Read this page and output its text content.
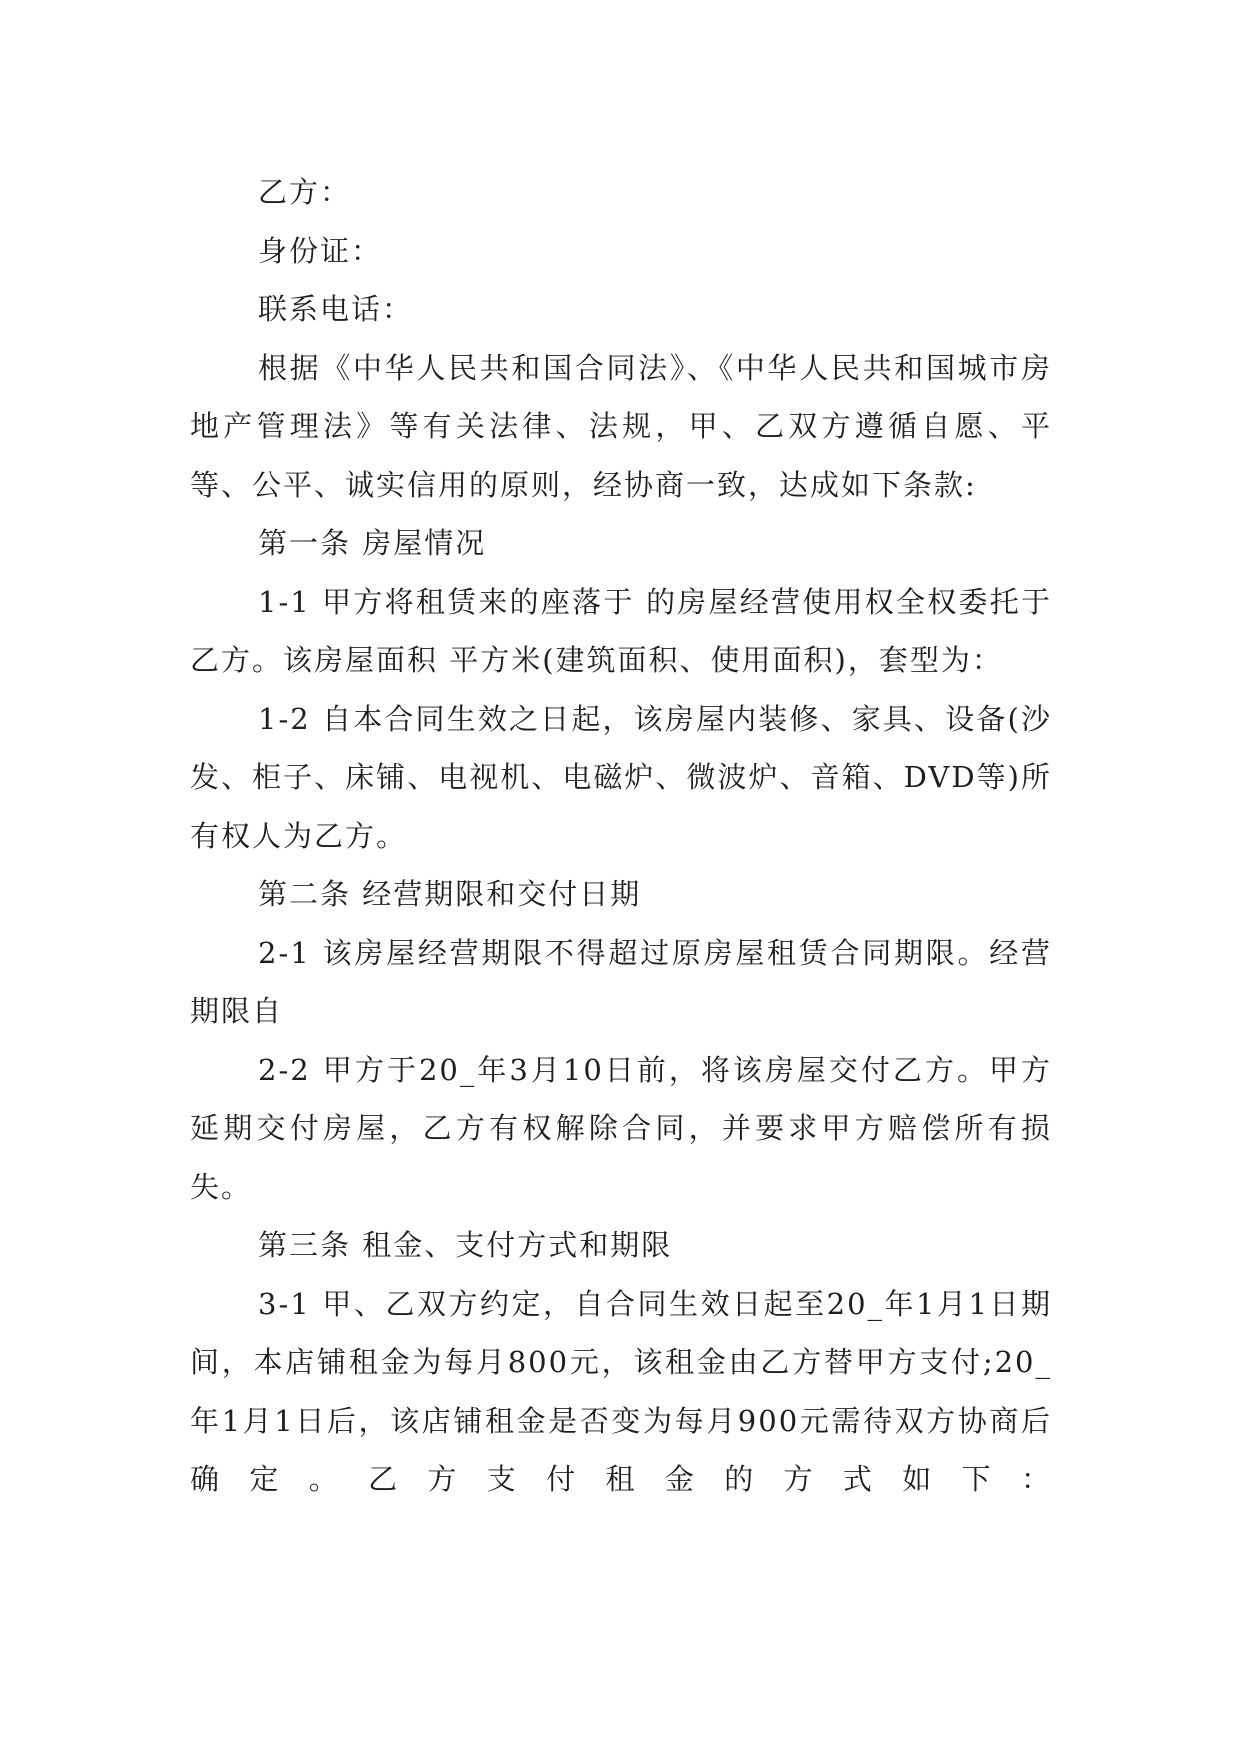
乙方：

身份证：

联系电话：

根据《中华人民共和国合同法》、《中华人民共和国城市房地产管理法》等有关法律、法规，甲、乙双方遵循自愿、平等、公平、诚实信用的原则，经协商一致，达成如下条款:

第一条 房屋情况

1-1 甲方将租赁来的座落于 的房屋经营使用权全权委托于乙方。该房屋面积 平方米(建筑面积、使用面积)，套型为：

1-2 自本合同生效之日起，该房屋内装修、家具、设备(沙发、柜子、床铺、电视机、电磁炉、微波炉、音箱、DVD等)所有权人为乙方。

第二条 经营期限和交付日期

2-1 该房屋经营期限不得超过原房屋租赁合同期限。经营期限自

2-2 甲方于20_年3月10日前，将该房屋交付乙方。甲方延期交付房屋，乙方有权解除合同，并要求甲方赔偿所有损失。

第三条 租金、支付方式和期限

3-1 甲、乙双方约定，自合同生效日起至20_年1月1日期间，本店铺租金为每月800元，该租金由乙方替甲方支付;20_年1月1日后，该店铺租金是否变为每月900元需待双方协商后确定。乙方支付租金的方式如下：
